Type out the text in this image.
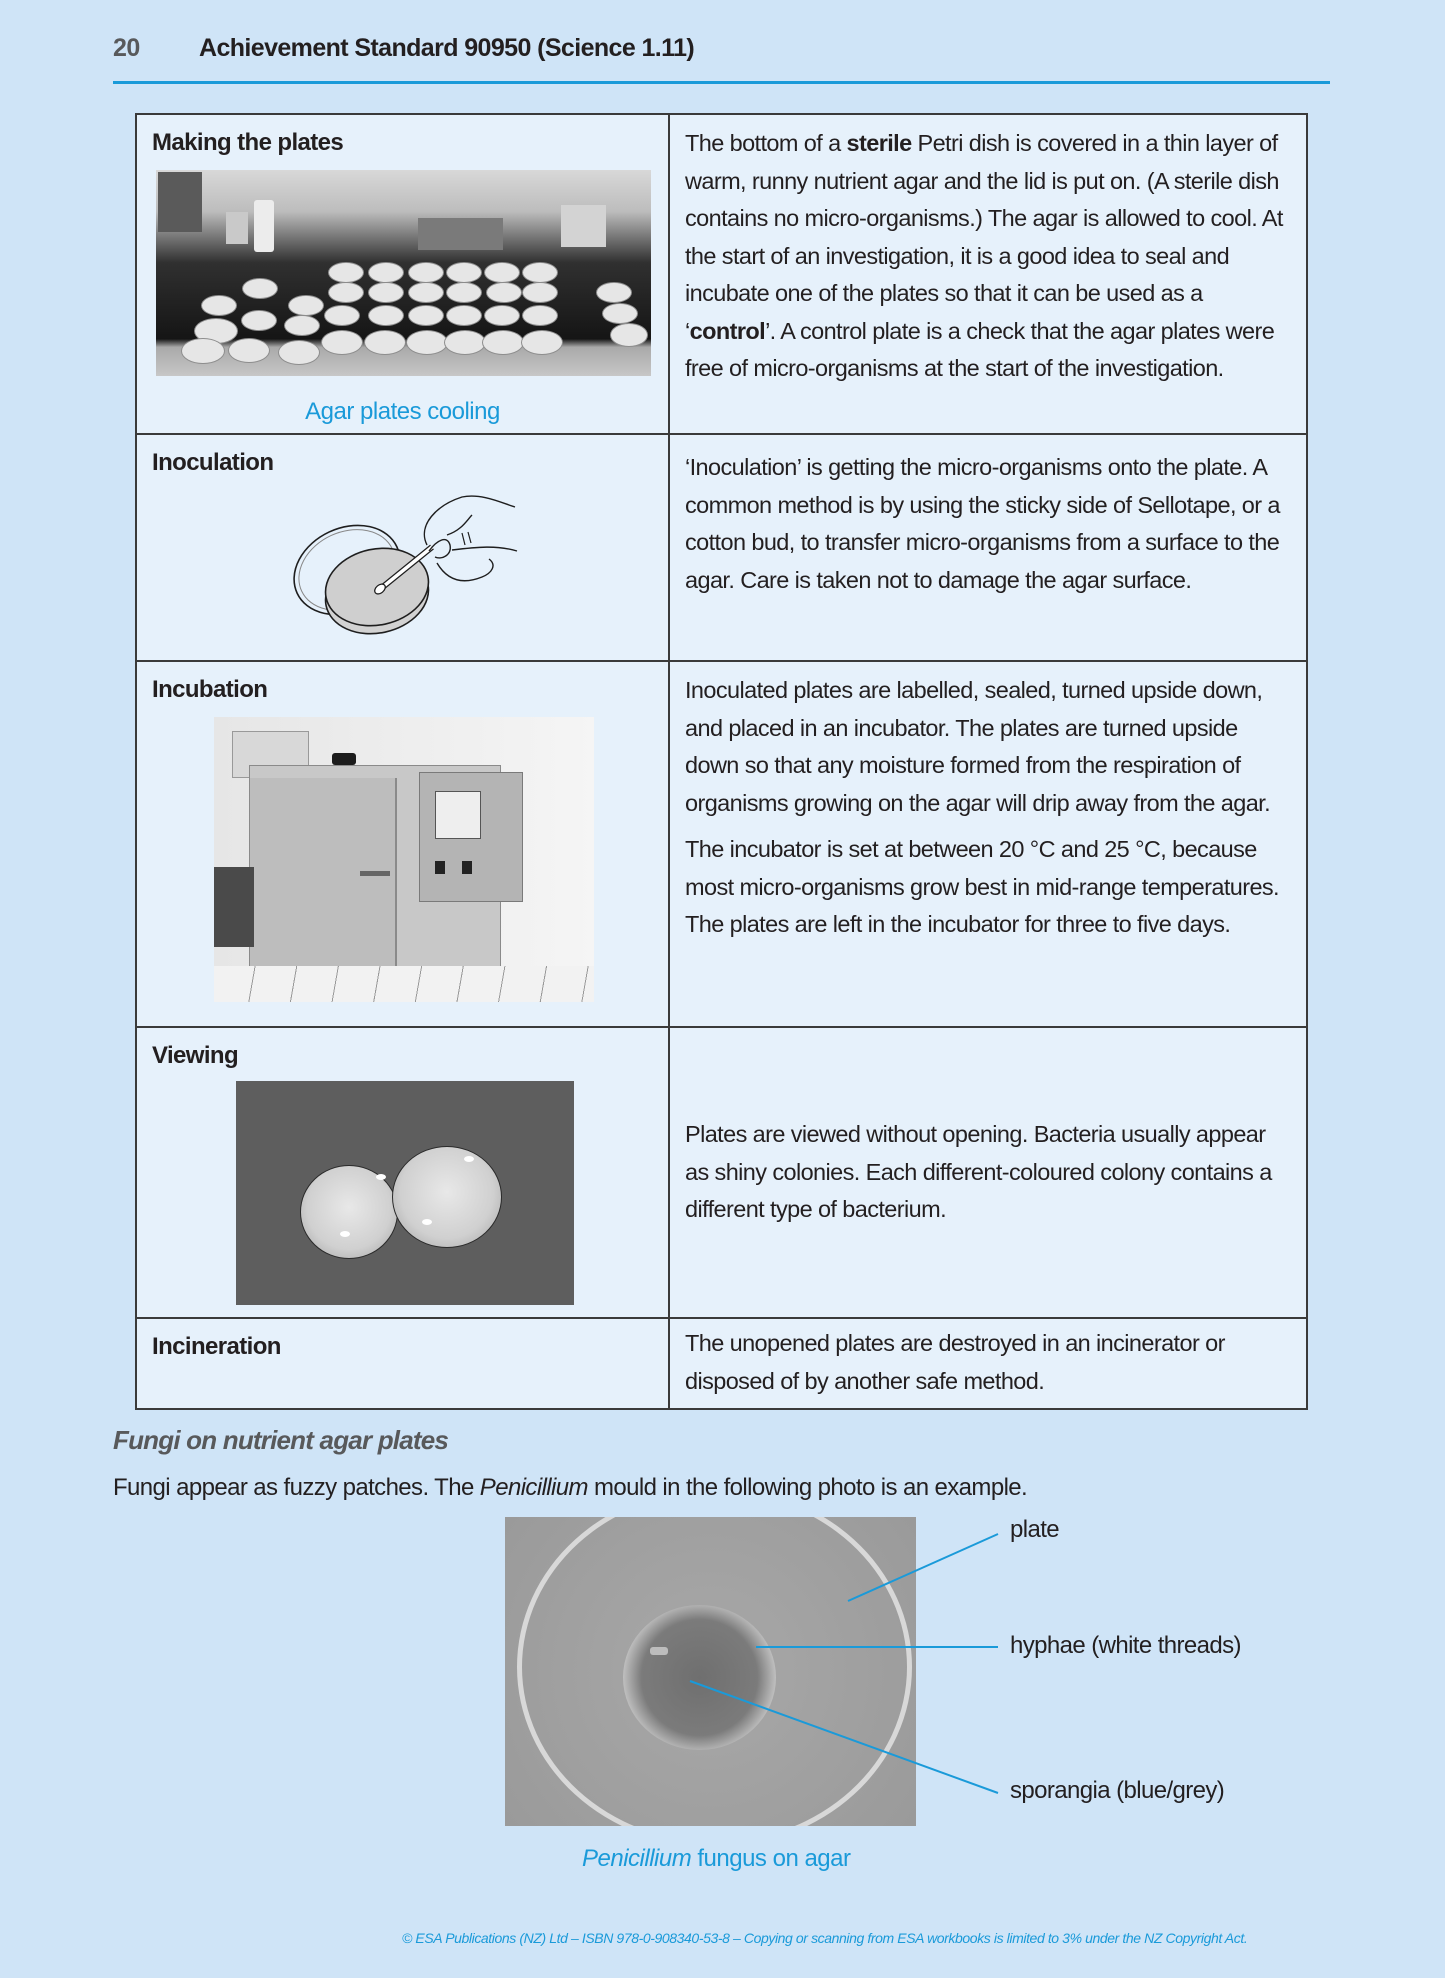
20 Achievement Standard 90950 (Science 1.11)
Making the plates
Agar plates cooling	The bottom of a sterile Petri dish is covered in a thin layer of warm, runny nutrient agar and the lid is put on. (A sterile dish contains no micro-organisms.) The agar is allowed to cool. At the start of an investigation, it is a good idea to seal and incubate one of the plates so that it can be used as a ‘control’. A control plate is a check that the agar plates were free of micro-organisms at the start of the investigation.

Inoculation	‘Inoculation’ is getting the micro-organisms onto the plate. A common method is by using the sticky side of Sellotape, or a cotton bud, to transfer micro-organisms from a surface to the agar. Care is taken not to damage the agar surface.

Incubation	Inoculated plates are labelled, sealed, turned upside down, and placed in an incubator. The plates are turned upside down so that any moisture formed from the respiration of organisms growing on the agar will drip away from the agar.

The incubator is set at between 20 °C and 25 °C, because most micro-organisms grow best in mid-range temperatures. The plates are left in the incubator for three to five days.

Viewing	Plates are viewed without opening. Bacteria usually appear as shiny colonies. Each different-coloured colony contains a different type of bacterium.

Incineration	The unopened plates are destroyed in an incinerator or disposed of by another safe method.

Fungi on nutrient agar plates
Fungi appear as fuzzy patches. The Penicillium mould in the following photo is an example.
plate
hyphae (white threads)
sporangia (blue/grey)
Penicillium fungus on agar
© ESA Publications (NZ) Ltd – ISBN 978-0-908340-53-8 – Copying or scanning from ESA workbooks is limited to 3% under the NZ Copyright Act.
